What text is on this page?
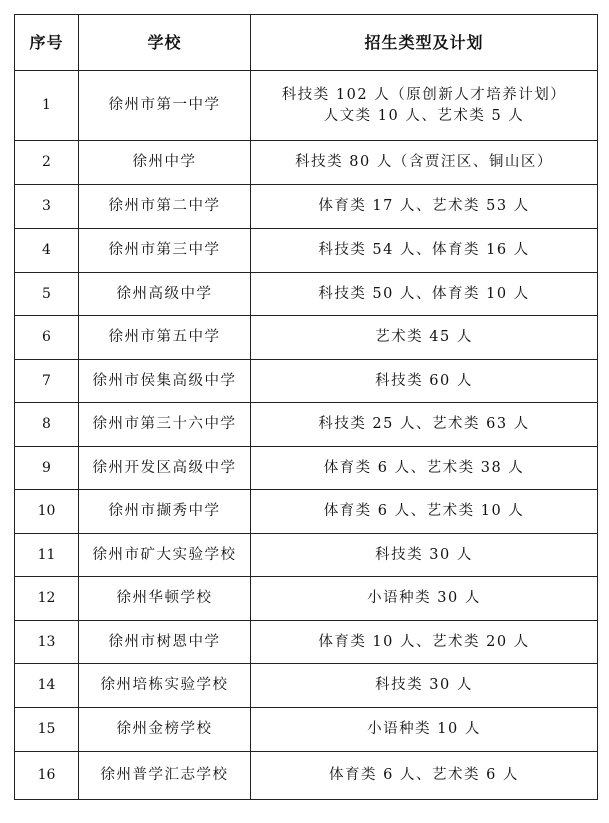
序号	学校	招生类型及计划
1	徐州市第一中学	科技类 102 人（原创新人才培养计划）
人文类 10 人、艺术类 5 人

2	徐州中学	科技类 80 人（含贾汪区、铜山区）
3	徐州市第二中学	体育类 17 人、艺术类 53 人
4	徐州市第三中学	科技类 54 人、体育类 16 人
5	徐州高级中学	科技类 50 人、体育类 10 人
6	徐州市第五中学	艺术类 45 人
7	徐州市侯集高级中学	科技类 60 人
8	徐州市第三十六中学	科技类 25 人、艺术类 63 人
9	徐州开发区高级中学	体育类 6 人、艺术类 38 人
10	徐州市撷秀中学	体育类 6 人、艺术类 10 人
11	徐州市矿大实验学校	科技类 30 人
12	徐州华顿学校	小语种类 30 人
13	徐州市树恩中学	体育类 10 人、艺术类 20 人
14	徐州培栋实验学校	科技类 30 人
15	徐州金榜学校	小语种类 10 人
16	徐州普学汇志学校	体育类 6 人、艺术类 6 人
